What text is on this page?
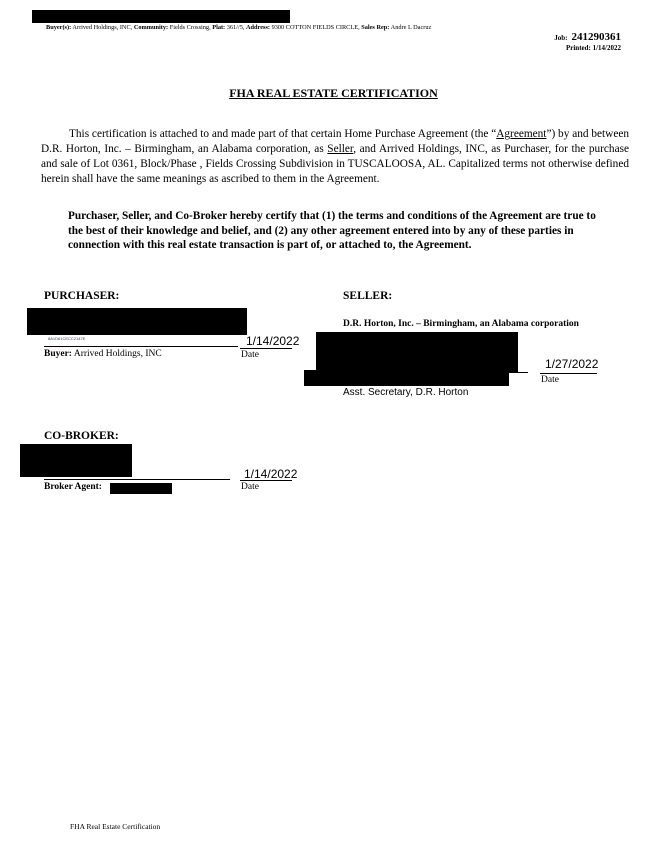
Buyer(s): Arrived Holdings, INC, Community: Fields Crossing, Plat: 361//5, Address: 9300 COTTON FIELDS CIRCLE, Sales Rep: Andre L Dacruz
Job: 241290361
Printed: 1/14/2022
FHA REAL ESTATE CERTIFICATION
This certification is attached to and made part of that certain Home Purchase Agreement (the “Agreement”) by and between D.R. Horton, Inc. – Birmingham, an Alabama corporation, as Seller, and Arrived Holdings, INC, as Purchaser, for the purchase and sale of Lot 0361, Block/Phase , Fields Crossing Subdivision in TUSCALOOSA, AL. Capitalized terms not otherwise defined herein shall have the same meanings as ascribed to them in the Agreement.
Purchaser, Seller, and Co-Broker hereby certify that (1) the terms and conditions of the Agreement are true to the best of their knowledge and belief, and (2) any other agreement entered into by any of these parties in connection with this real estate transaction is part of, or attached to, the Agreement.
PURCHASER:
8A1D61CECC2147E	1/14/2022
Buyer: Arrived Holdings, INC	Date
SELLER:
D.R. Horton, Inc. – Birmingham, an Alabama corporation
1/27/2022
Date
Asst. Secretary, D.R. Horton
CO-BROKER:
1/14/2022
Date
Broker Agent:
FHA Real Estate Certification
